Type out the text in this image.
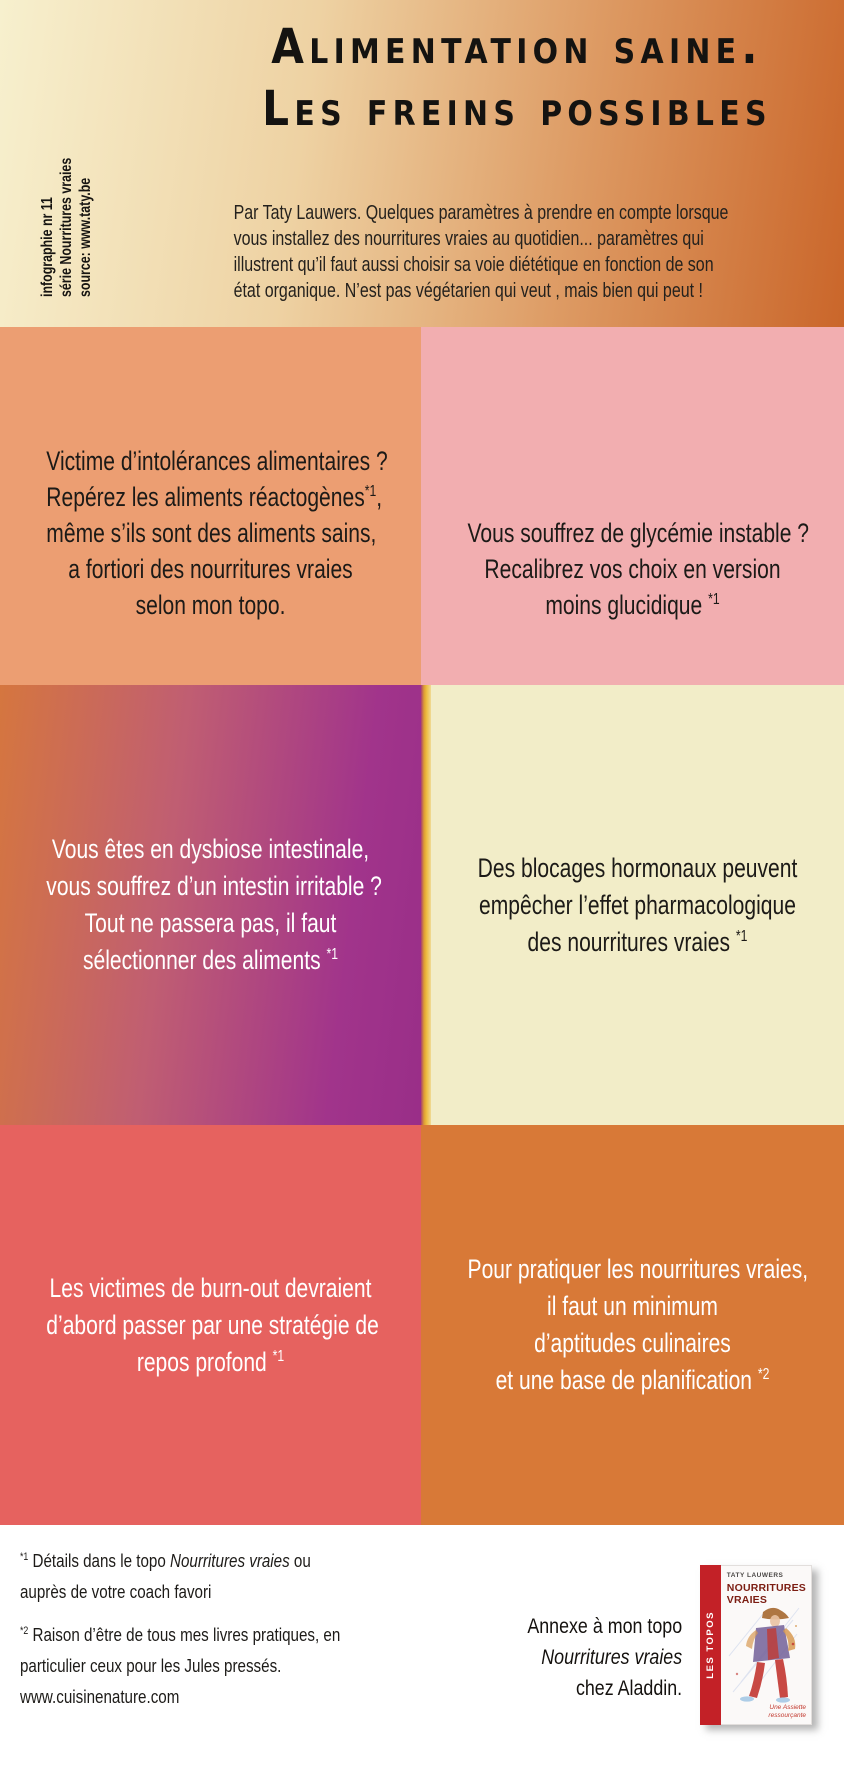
infographie nr 11 série Nourritures vraies source: www.taty.be
Alimentation saine.
Les freins possibles
Par Taty Lauwers. Quelques paramètres à prendre en compte lorsque
vous installez des nourritures vraies au quotidien... paramètres qui
illustrent qu’il faut aussi choisir sa voie diététique en fonction de son
état organique. N’est pas végétarien qui veut , mais bien qui peut !
Victime d’intolérances alimentaires ?
Repérez les aliments réactogènes$^{*1}$,
même s’ils sont des aliments sains,
a fortiori des nourritures vraies
selon mon topo.
Vous souffrez de glycémie instable ?
Recalibrez vos choix en version
moins glucidique $^{*1}$
Vous êtes en dysbiose intestinale,
vous souffrez d’un intestin irritable ?
Tout ne passera pas, il faut
sélectionner des aliments $^{*1}$
Des blocages hormonaux peuvent
empêcher l’effet pharmacologique
des nourritures vraies $^{*1}$
Les victimes de burn-out devraient
d’abord passer par une stratégie de
repos profond $^{*1}$
Pour pratiquer les nourritures vraies,
il faut un minimum
d’aptitudes culinaires
et une base de planification $^{*2}$
$^{*1}$ Détails dans le topo Nourritures vraies ou
auprès de votre coach favori
$^{*2}$ Raison d’être de tous mes livres pratiques, en
particulier ceux pour les Jules pressés.
www.cuisinenature.com
Annexe à mon topo
Nourritures vraies
chez Aladdin.
LES TOPOS
TATY LAUWERS
NOURRITURES
VRAIES
Une Assiette
ressourçante
